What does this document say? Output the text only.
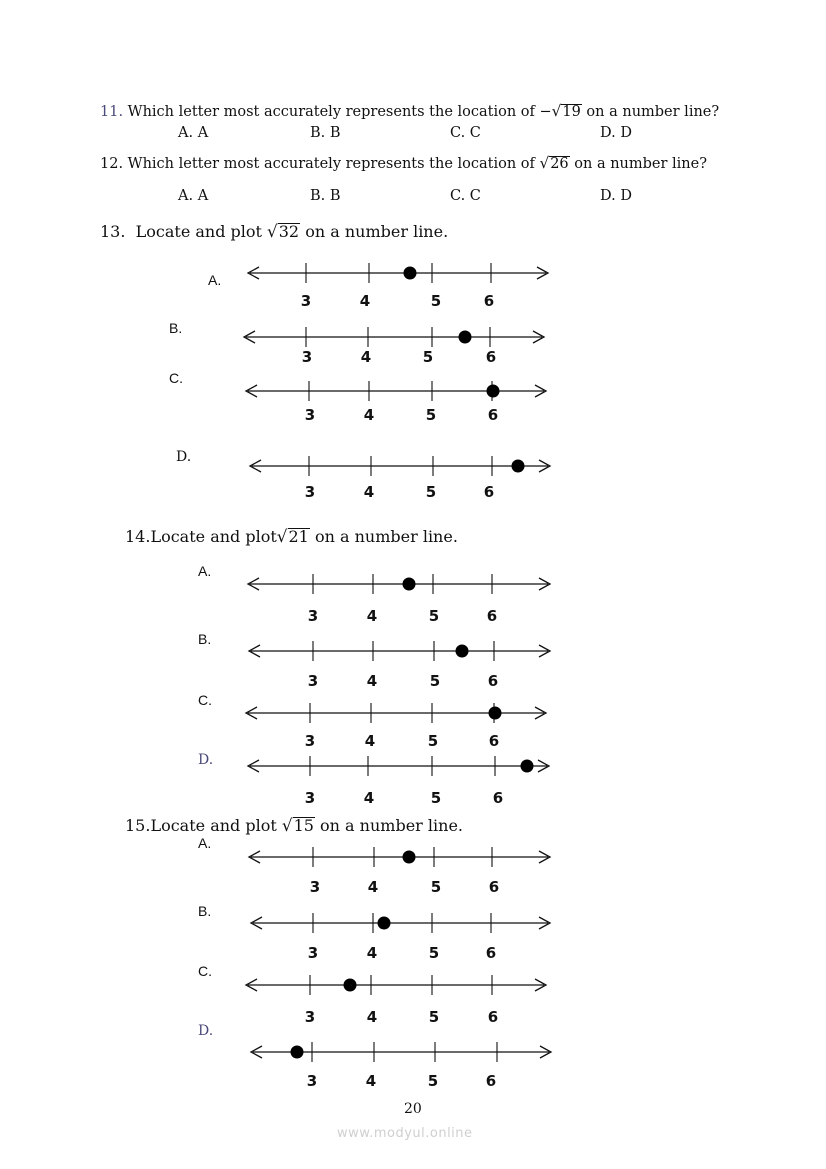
11. Which letter most accurately represents the location of −√19 on a number line?
A. A	B. B	C. C	D. D
12. Which letter most accurately represents the location of √26 on a number line?
A. A	B. B	C. C	D. D
13. Locate and plot √32 on a number line.
A.
B.
C.
D.
14.Locate and plot√21 on a number line.
A.
B.
C.
D.
15.Locate and plot √15 on a number line.
A.
B.
C.
D.
3	4	5	6
3	4	5	6
3	4	5	6
3	4	5	6
3	4	5	6
3	4	5	6
3	4	5	6
3	4	5	6
3	4	5	6
3	4	5	6
3	4	5	6
3	4	5	6
20
www.modyul.online
